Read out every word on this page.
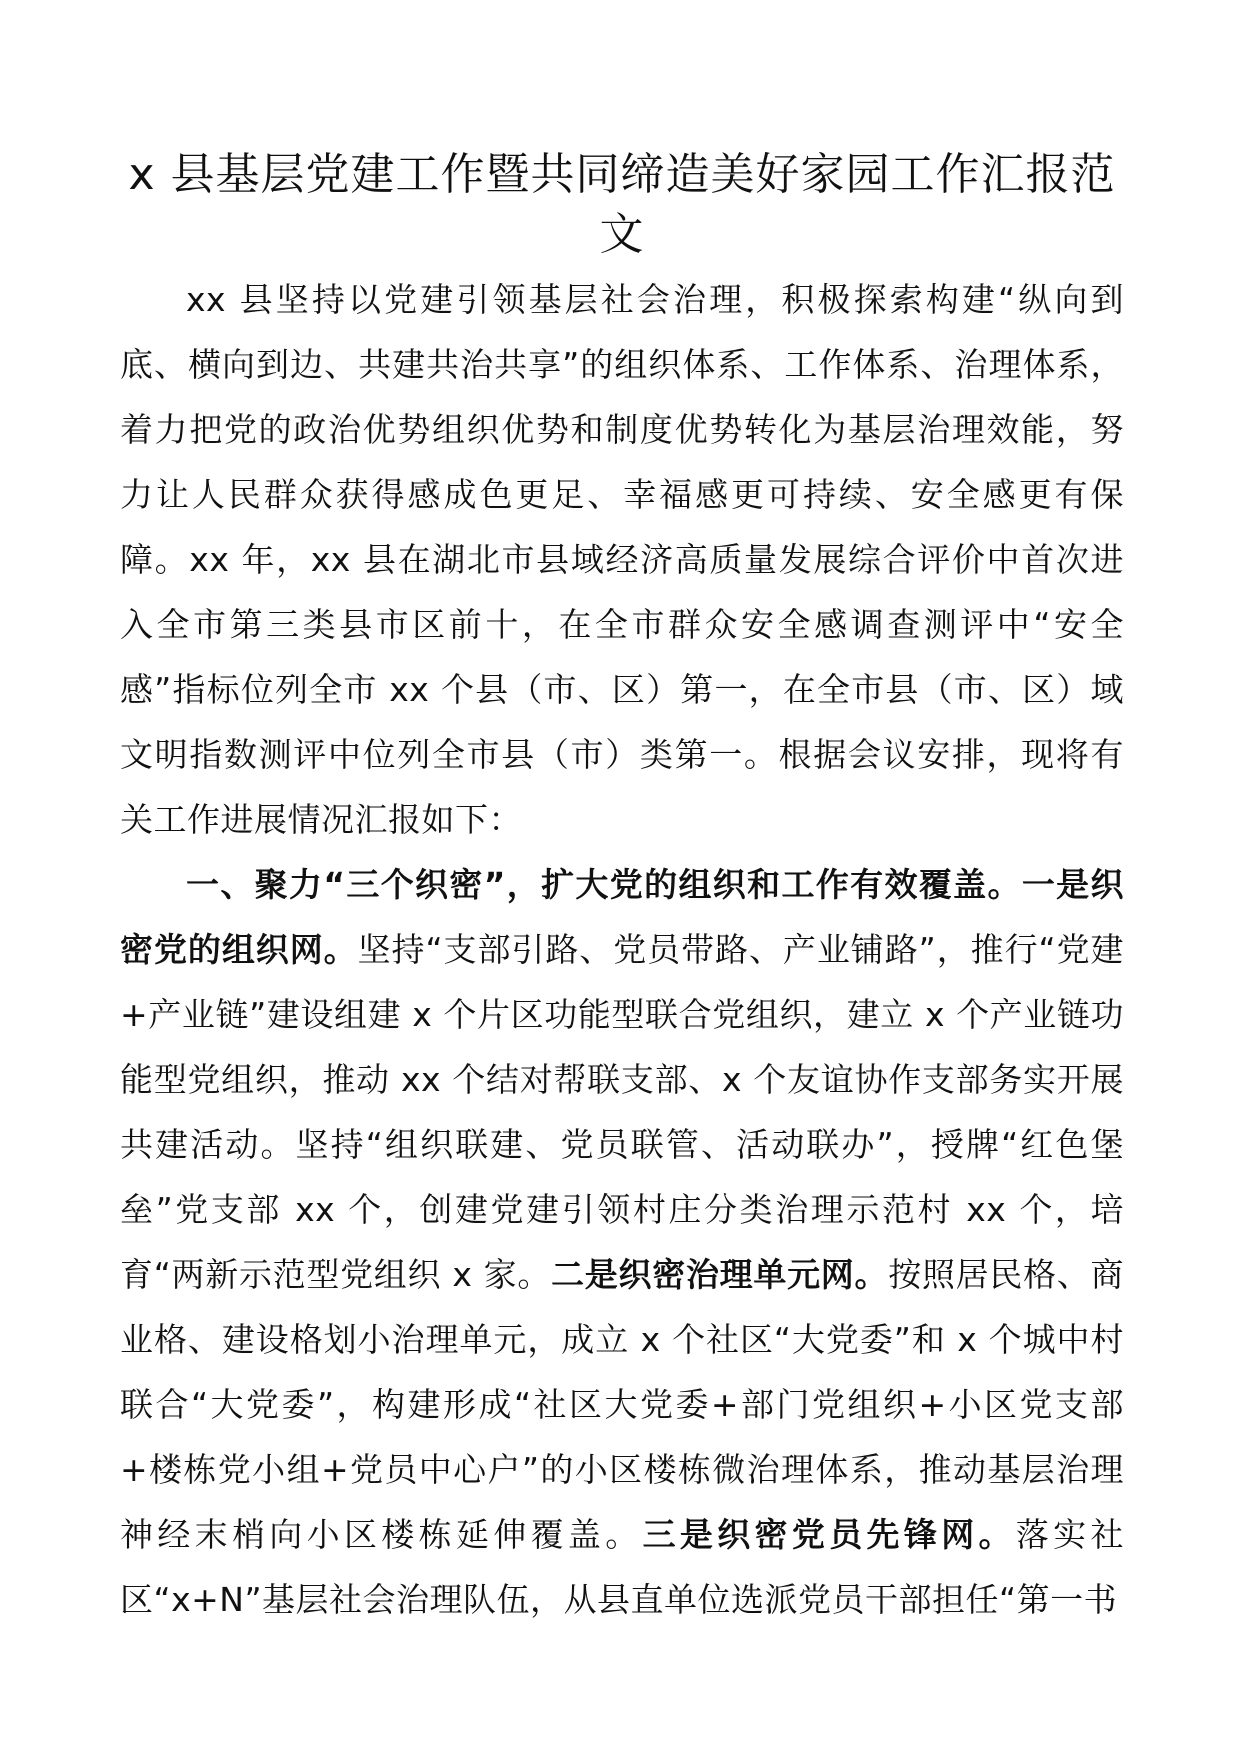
x 县基层党建工作暨共同缔造美好家园工作汇报范文

xx 县坚持以党建引领基层社会治理，积极探索构建“纵向到底、横向到边、共建共治共享”的组织体系、工作体系、治理体系，着力把党的政治优势组织优势和制度优势转化为基层治理效能，努力让人民群众获得感成色更足、幸福感更可持续、安全感更有保障。xx 年，xx 县在湖北市县域经济高质量发展综合评价中首次进入全市第三类县市区前十，在全市群众安全感调查测评中“安全感”指标位列全市 xx 个县（市、区）第一，在全市县（市、区）域文明指数测评中位列全市县（市）类第一。根据会议安排，现将有关工作进展情况汇报如下：

一、聚力“三个织密”，扩大党的组织和工作有效覆盖。一是织密党的组织网。坚持“支部引路、党员带路、产业铺路”，推行“党建+产业链”建设组建 x 个片区功能型联合党组织，建立 x 个产业链功能型党组织，推动 xx 个结对帮联支部、x 个友谊协作支部务实开展共建活动。坚持“组织联建、党员联管、活动联办”，授牌“红色堡垒”党支部 xx 个，创建党建引领村庄分类治理示范村 xx 个，培育“两新示范型党组织 x 家。二是织密治理单元网。按照居民格、商业格、建设格划小治理单元，成立 x 个社区“大党委”和 x 个城中村联合“大党委”，构建形成“社区大党委+部门党组织+小区党支部+楼栋党小组+党员中心户”的小区楼栋微治理体系，推动基层治理神经末梢向小区楼栋延伸覆盖。三是织密党员先锋网。落实社区“x+N”基层社会治理队伍，从县直单位选派党员干部担任“第一书
